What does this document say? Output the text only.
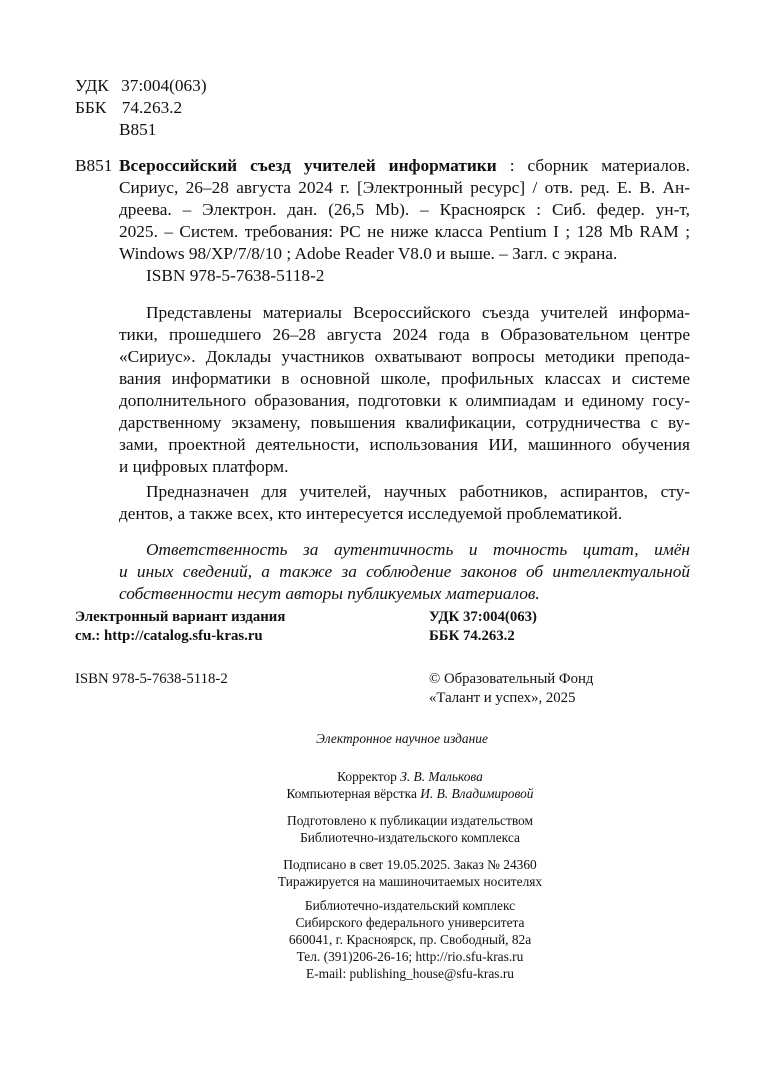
УДК 37:004(063)
ББК 74.263.2
В851
В851 Всероссийский съезд учителей информатики : сборник материалов.
Сириус, 26–28 августа 2024 г. [Электронный ресурс] / отв. ред. Е. В. Ан-
дреева. – Электрон. дан. (26,5 Mb). – Красноярск : Сиб. федер. ун-т,
2025. – Систем. требования: PC не ниже класса Pentium I ; 128 Mb RAM ;
Windows 98/XP/7/8/10 ; Adobe Reader V8.0 и выше. – Загл. с экрана.
ISBN 978-5-7638-5118-2
Представлены материалы Всероссийского съезда учителей информа-
тики, прошедшего 26–28 августа 2024 года в Образовательном центре
«Сириус». Доклады участников охватывают вопросы методики препода-
вания информатики в основной школе, профильных классах и системе
дополнительного образования, подготовки к олимпиадам и единому госу-
дарственному экзамену, повышения квалификации, сотрудничества с ву-
зами, проектной деятельности, использования ИИ, машинного обучения
и цифровых платформ.
Предназначен для учителей, научных работников, аспирантов, сту-
дентов, а также всех, кто интересуется исследуемой проблематикой.
Ответственность за аутентичность и точность цитат, имён
и иных сведений, а также за соблюдение законов об интеллектуальной
собственности несут авторы публикуемых материалов.
Электронный вариант издания
см.: http://catalog.sfu-kras.ru
УДК 37:004(063)
ББК 74.263.2
ISBN 978-5-7638-5118-2	© Образовательный Фонд
«Талант и успех», 2025
Электронное научное издание
Корректор З. В. Малькова
Компьютерная вёрстка И. В. Владимировой
Подготовлено к публикации издательством
Библиотечно-издательского комплекса
Подписано в свет 19.05.2025. Заказ № 24360
Тиражируется на машиночитаемых носителях
Библиотечно-издательский комплекс
Сибирского федерального университета
660041, г. Красноярск, пр. Свободный, 82а
Тел. (391)206-26-16; http://rio.sfu-kras.ru
E-mail: publishing_house@sfu-kras.ru
